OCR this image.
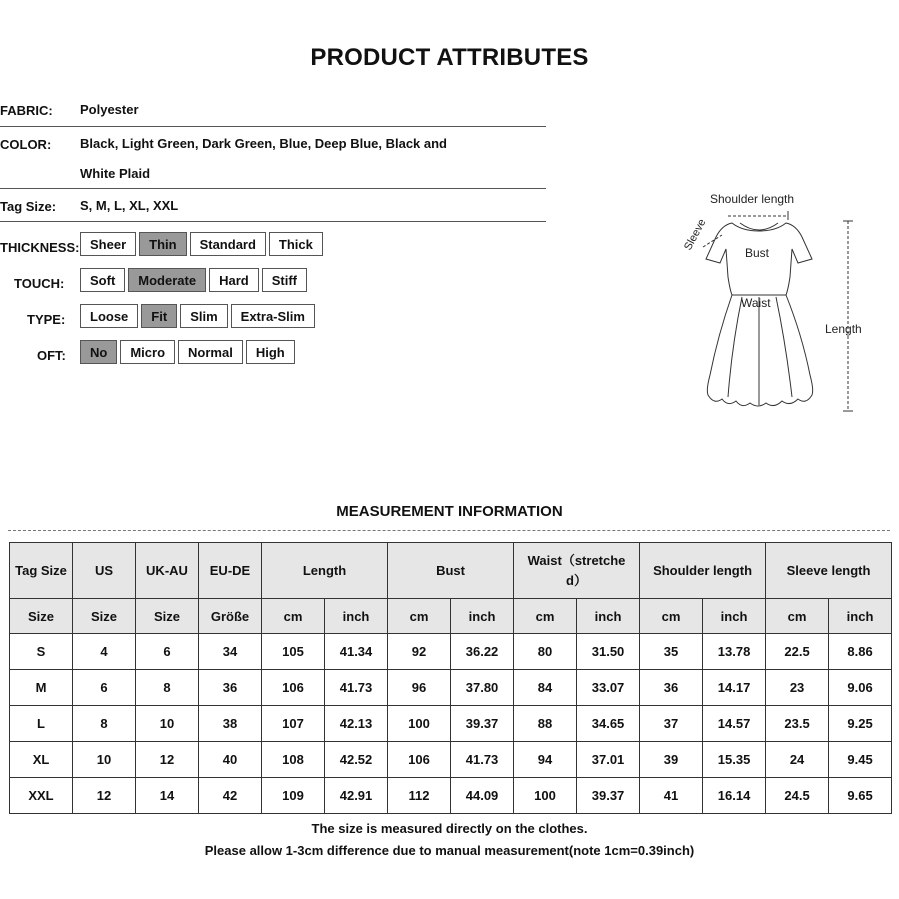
PRODUCT ATTRIBUTES
FABRIC: Polyester
COLOR: Black, Light Green, Dark Green, Blue, Deep Blue, Black and
White Plaid
Tag Size: S, M, L, XL, XXL
THICKNESS: Sheer	Thin	Standard	Thick
TOUCH:	Soft	Moderate	Hard	Stiff
TYPE:	Loose	Fit	Slim	Extra-Slim
OFT:	No	Micro	Normal	High
Shoulder length
Sleeve
Bust
Waist
Length
MEASUREMENT INFORMATION
Tag Size	US	UK-AU	EU-DE	Length		Bust		Waist（stretche
d）		Shoulder length		Sleeve length	
Size	Size	Size	Größe	cm	inch	cm	inch	cm	inch	cm	inch	cm	inch
S	4	6	34	105	41.34	92	36.22	80	31.50	35	13.78	22.5	8.86
M	6	8	36	106	41.73	96	37.80	84	33.07	36	14.17	23	9.06
L	8	10	38	107	42.13	100	39.37	88	34.65	37	14.57	23.5	9.25
XL	10	12	40	108	42.52	106	41.73	94	37.01	39	15.35	24	9.45
XXL	12	14	42	109	42.91	112	44.09	100	39.37	41	16.14	24.5	9.65
The size is measured directly on the clothes.
Please allow 1-3cm difference due to manual measurement(note 1cm=0.39inch)
